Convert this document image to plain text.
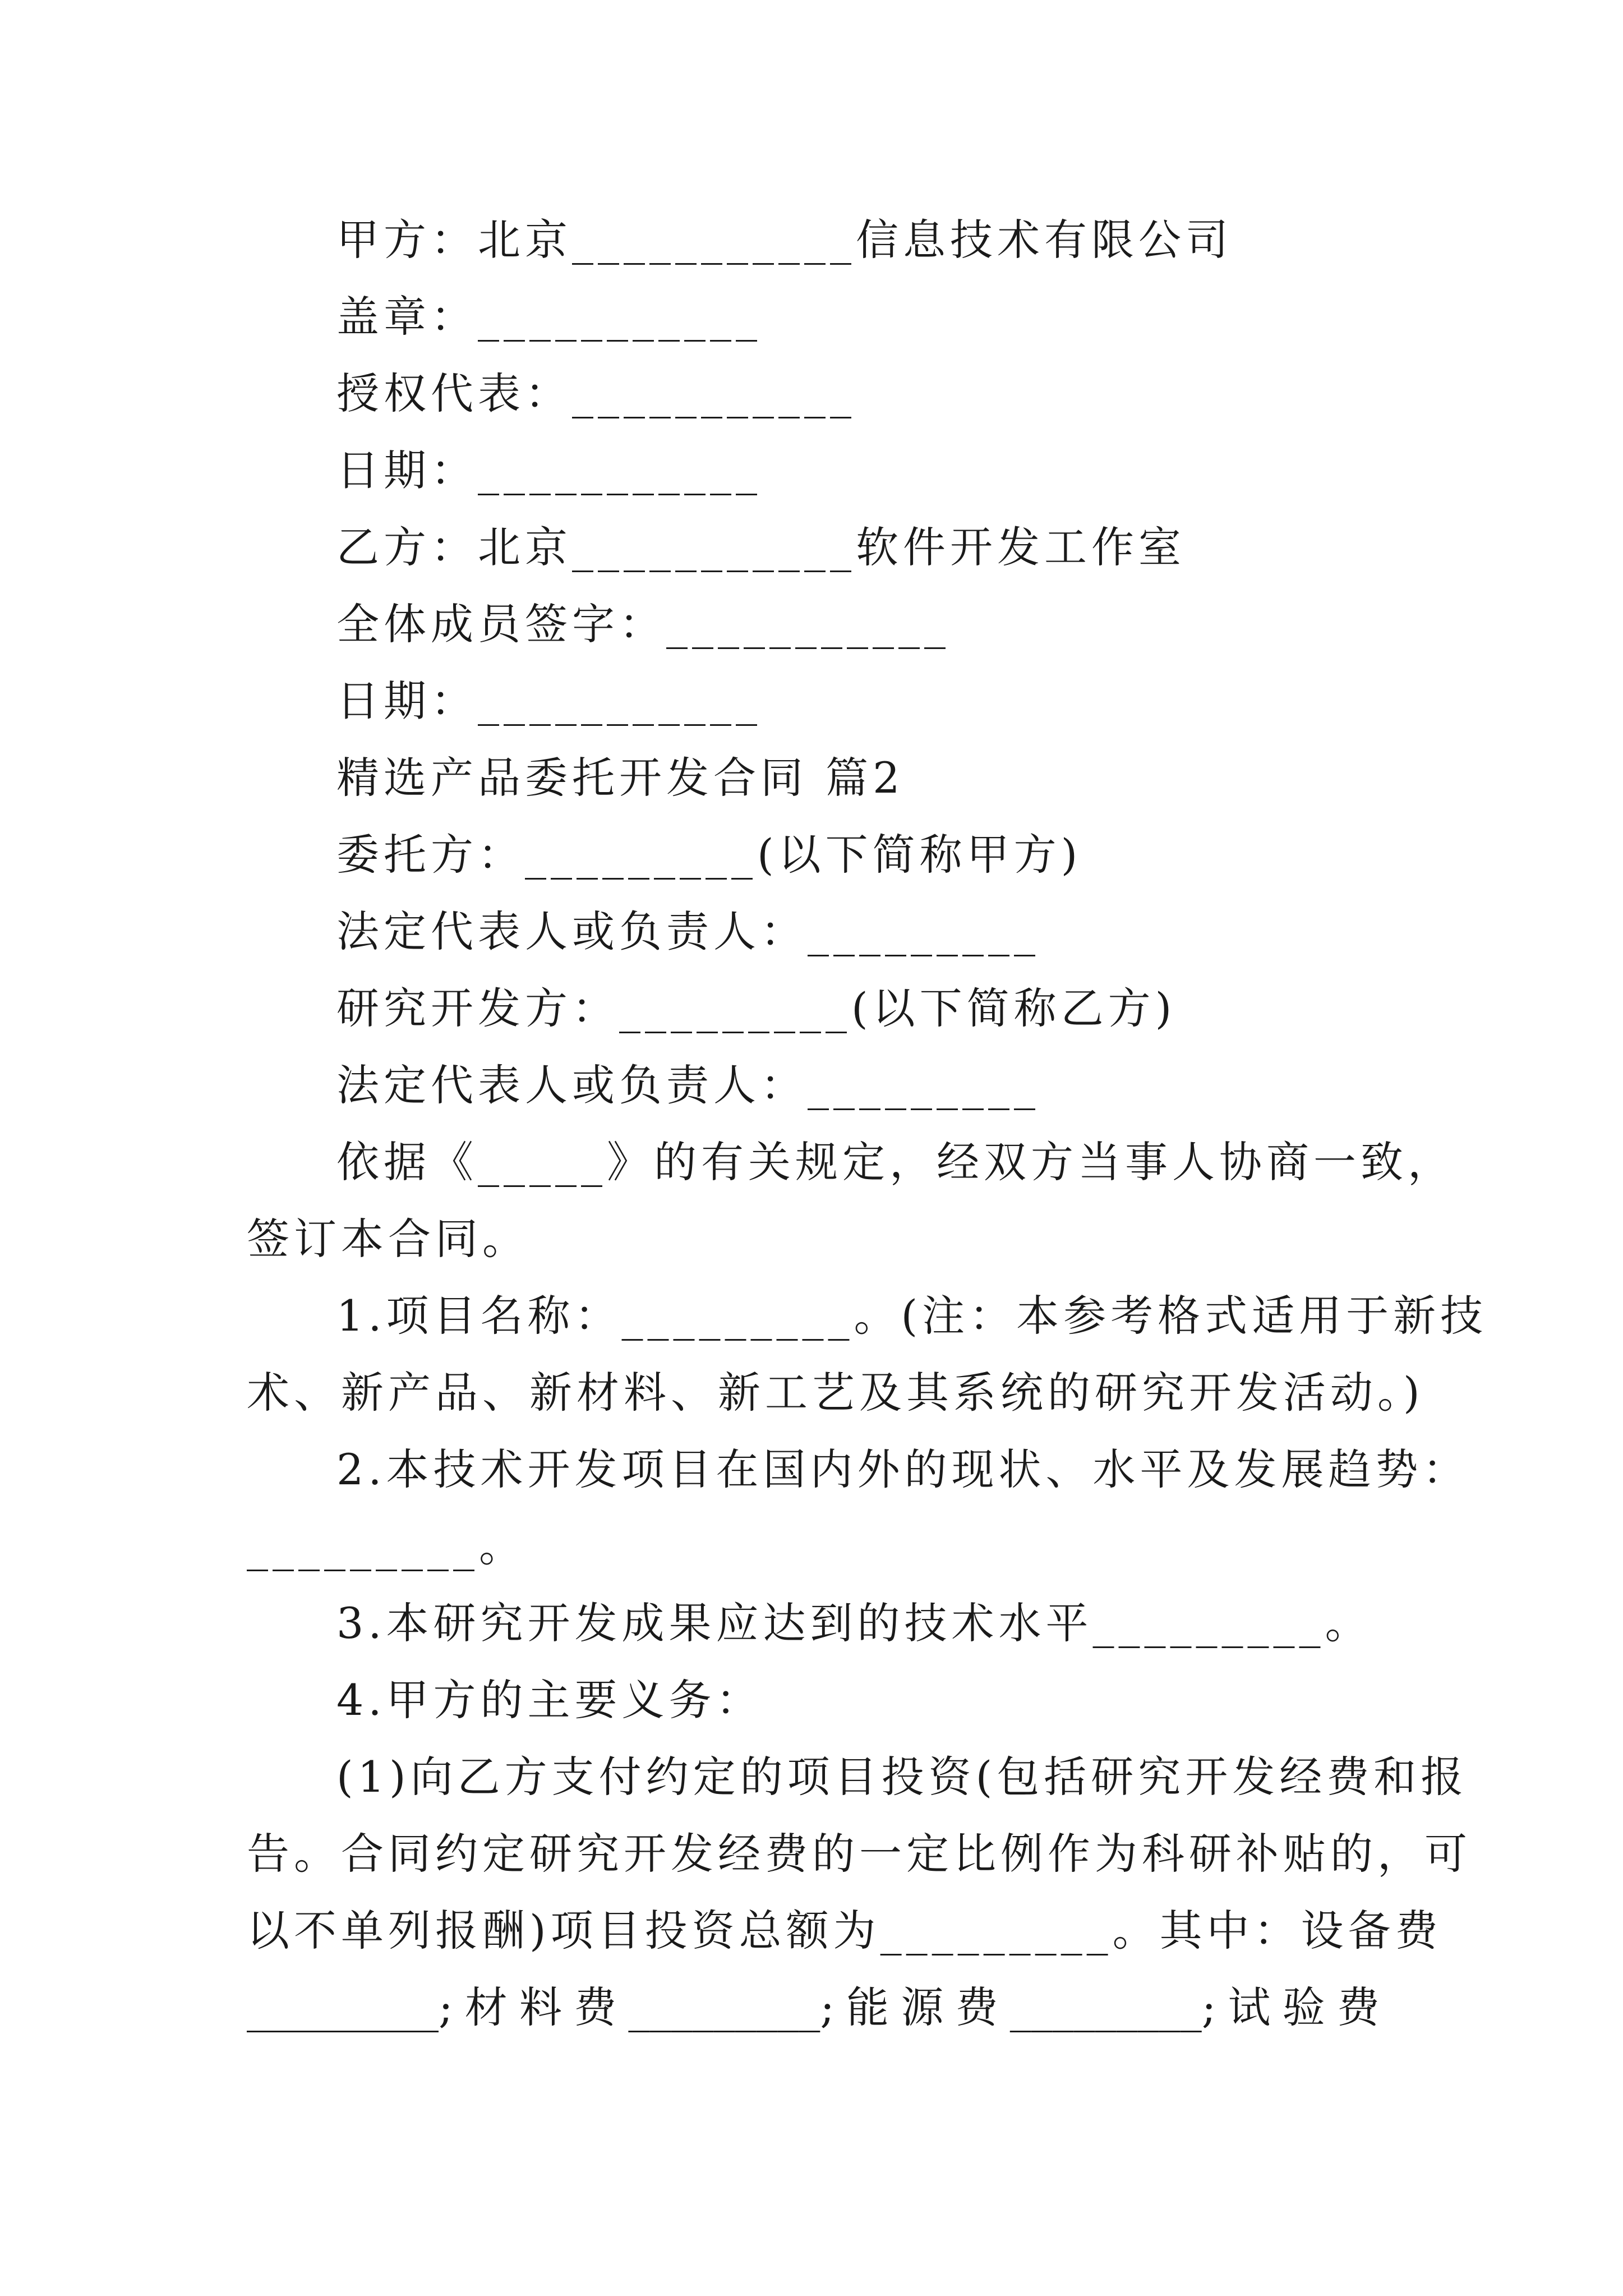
甲方：北京___________信息技术有限公司
盖章：___________
授权代表：___________
日期：___________
乙方：北京___________软件开发工作室
全体成员签字：___________
日期：___________
精选产品委托开发合同 篇2
委托方：_________(以下简称甲方)
法定代表人或负责人：_________
研究开发方：_________(以下简称乙方)
法定代表人或负责人：_________
依据《_____》的有关规定，经双方当事人协商一致，
签订本合同。
1.项目名称：_________。(注：本参考格式适用于新技
术、新产品、新材料、新工艺及其系统的研究开发活动。)
2.本技术开发项目在国内外的现状、水平及发展趋势：
_________。
3.本研究开发成果应达到的技术水平_________。
4.甲方的主要义务：
(1)向乙方支付约定的项目投资(包括研究开发经费和报
告。合同约定研究开发经费的一定比例作为科研补贴的，可
以不单列报酬)项目投资总额为_________。其中：设备费
_________; 材 料 费 _________; 能 源 费 _________; 试 验 费
